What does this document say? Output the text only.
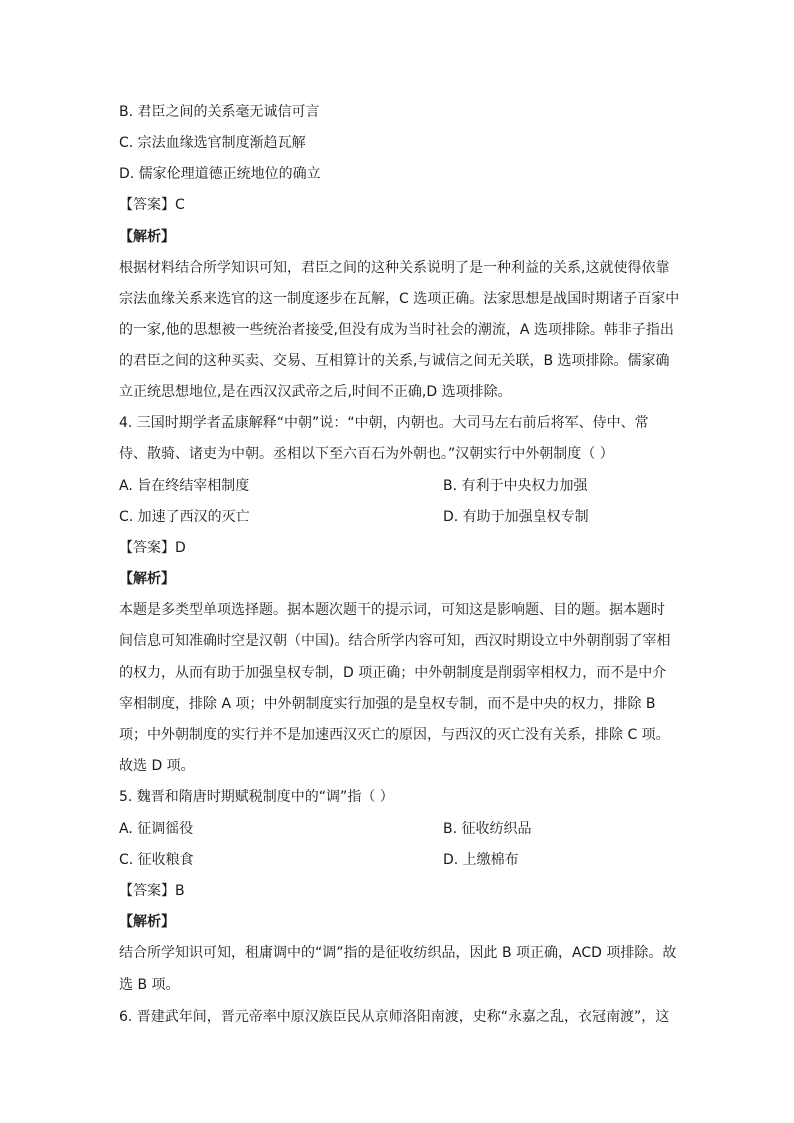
B. 君臣之间的关系毫无诚信可言
C. 宗法血缘选官制度渐趋瓦解
D. 儒家伦理道德正统地位的确立
【答案】C
【解析】
根据材料结合所学知识可知，君臣之间的这种关系说明了是一种利益的关系,这就使得依靠
宗法血缘关系来选官的这一制度逐步在瓦解，C 选项正确。法家思想是战国时期诸子百家中
的一家,他的思想被一些统治者接受,但没有成为当时社会的潮流，A 选项排除。韩非子指出
的君臣之间的这种买卖、交易、互相算计的关系,与诚信之间无关联，B 选项排除。儒家确
立正统思想地位,是在西汉汉武帝之后,时间不正确,D 选项排除。
4. 三国时期学者孟康解释“中朝”说：“中朝，内朝也。大司马左右前后将军、侍中、常
侍、散骑、诸吏为中朝。丞相以下至六百石为外朝也。”汉朝实行中外朝制度（ ）
A. 旨在终结宰相制度	B. 有利于中央权力加强
C. 加速了西汉的灭亡	D. 有助于加强皇权专制
【答案】D
【解析】
本题是多类型单项选择题。据本题次题干的提示词，可知这是影响题、目的题。据本题时
间信息可知准确时空是汉朝（中国)。结合所学内容可知，西汉时期设立中外朝削弱了宰相
的权力，从而有助于加强皇权专制，D 项正确；中外朝制度是削弱宰相权力，而不是中介
宰相制度，排除 A 项；中外朝制度实行加强的是皇权专制，而不是中央的权力，排除 B
项；中外朝制度的实行并不是加速西汉灭亡的原因，与西汉的灭亡没有关系，排除 C 项。
故选 D 项。
5. 魏晋和隋唐时期赋税制度中的“调”指（ ）
A. 征调徭役	B. 征收纺织品
C. 征收粮食	D. 上缴棉布
【答案】B
【解析】
结合所学知识可知，租庸调中的“调”指的是征收纺织品，因此 B 项正确，ACD 项排除。故
选 B 项。
6. 晋建武年间，晋元帝率中原汉族臣民从京师洛阳南渡，史称“永嘉之乱，衣冠南渡”，这
